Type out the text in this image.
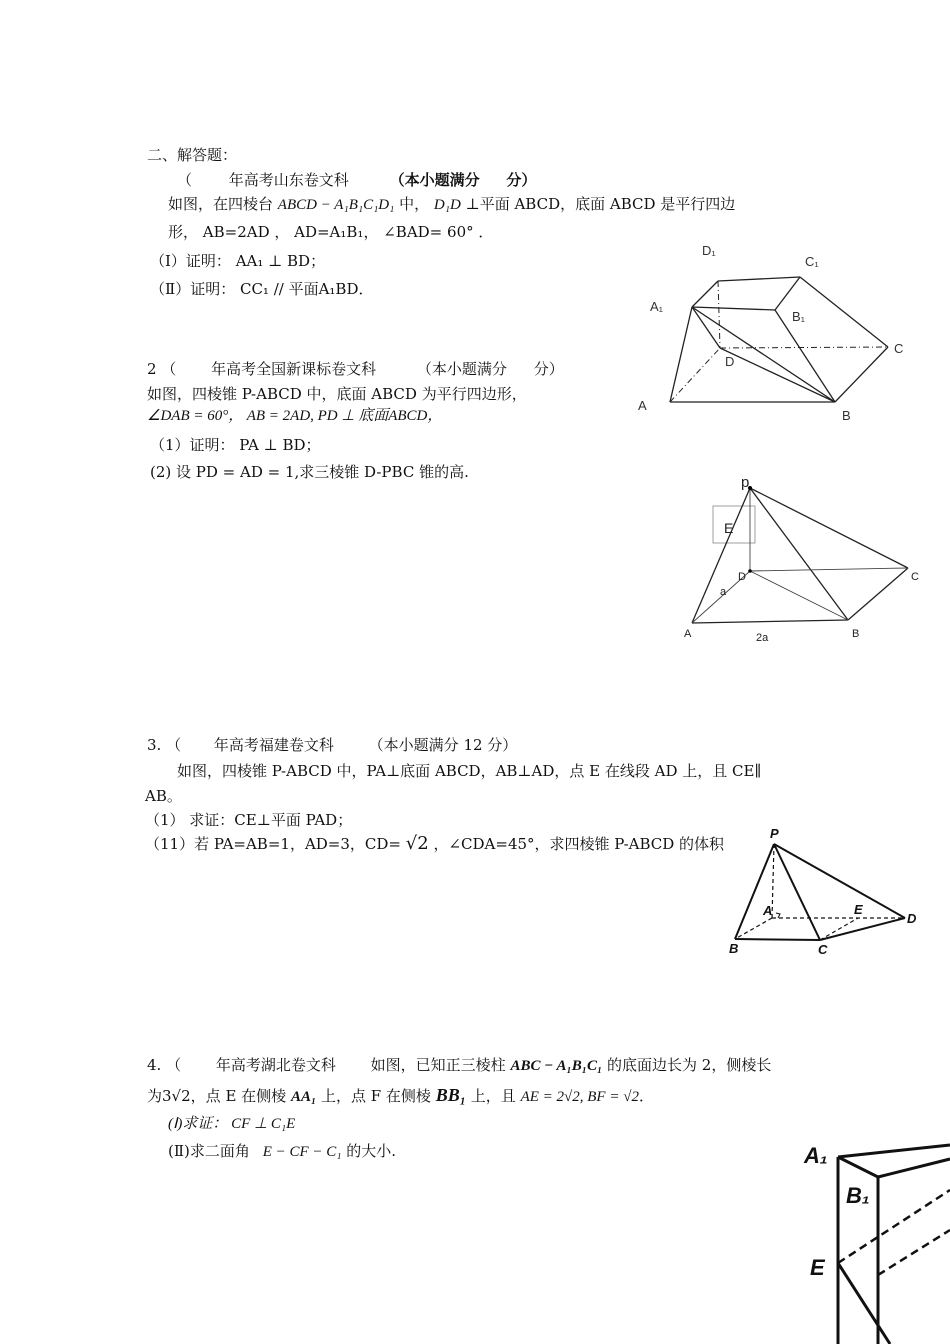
二、解答题：
（ 年高考山东卷文科	（本小题满分 分）
如图，在四棱台 ABCD − A₁B₁C₁D₁ 中， D₁D ⊥平面 ABCD，底面 ABCD 是平行四边
形， AB=2AD ， AD=A₁B₁， ∠BAD= 60° ．
（Ⅰ）证明： AA₁ ⊥ BD；
（Ⅱ）证明： CC₁ // 平面A₁BD．
D₁
C₁
A₁
B₁
D
C
A
B
2 （ 年高考全国新课标卷文科	（本小题满分 分）
如图，四棱锥 P-ABCD 中，底面 ABCD 为平行四边形，
∠DAB = 60°， AB = 2AD, PD ⊥ 底面ABCD，
（1）证明： PA ⊥ BD；
(2) 设 PD = AD = 1,求三棱锥 D-PBC 锥的高.
p
E
D	C
A	B
a
2a
3. （ 年高考福建卷文科 （本小题满分 12 分）
如图，四棱锥 P-ABCD 中，PA⊥底面 ABCD，AB⊥AD，点 E 在线段 AD 上，且 CE∥
AB。
（1） 求证：CE⊥平面 PAD；
（11）若 PA=AB=1，AD=3，CD= √2 ，∠CDA=45°，求四棱锥 P-ABCD 的体积
P
A	E
D
B	C
4. （ 年高考湖北卷文科 如图，已知正三棱柱 ABC − A₁B₁C₁ 的底面边长为 2，侧棱长
为3√2，点 E 在侧棱 AA₁ 上，点 F 在侧棱 BB₁ 上，且 AE = 2√2, BF = √2．
(Ⅰ)求证： CF ⊥ C₁E
(Ⅱ)求二面角 E − CF − C₁ 的大小.	A₁
B₁
E
